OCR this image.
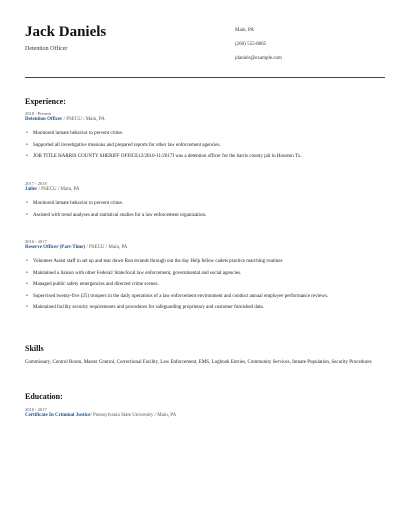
Jack Daniels
Detention Officer
Main, PA
(260) 555-8065
jdaniels@example.com
Experience:
2018 - Present
Detention Officer / PSECU / Main, PA
• Monitored inmate behavior to prevent crime.
• Supported all investigative missions and prepared reports for other law enforcement agencies.
• JOB TITLE HARRIS COUNTY SHERIFF OFFICE12/2016-11/2017I was a detention officer for the harris county jail in Houston Tx.
2017 - 2018
Jailer / PSECU / Main, PA
• Monitored inmate behavior to prevent crime.
• Assisted with trend analyses and statistical studies for a law enforcement organization.
2016 - 2017
Reserve Officer (Part-Time) / PSECU / Main, PA
• Volunteer Assist staff in set up and tear down Run errands through out the day Help fellow cadets practice marching routines
• Maintained a liaison with other Federal/ State/local law enforcement, governmental and social agencies.
• Managed public safety emergencies and directed crime scenes.
• Supervised twenty-five (25) troopers in the daily operations of a law enforcement environment and conduct annual employee performance reviews.
• Maintained facility security requirements and procedures for safeguarding proprietary and customer furnished data.
Skills
Commissary, Control Room, Master Control, Correctional Facility, Law Enforcement, EMS, Logbook Entries, Community Services, Inmate Population, Security Procedures
Education:
2016 - 2017
Certificate In Criminal Justice/ Pennsylvania State University / Main, PA
